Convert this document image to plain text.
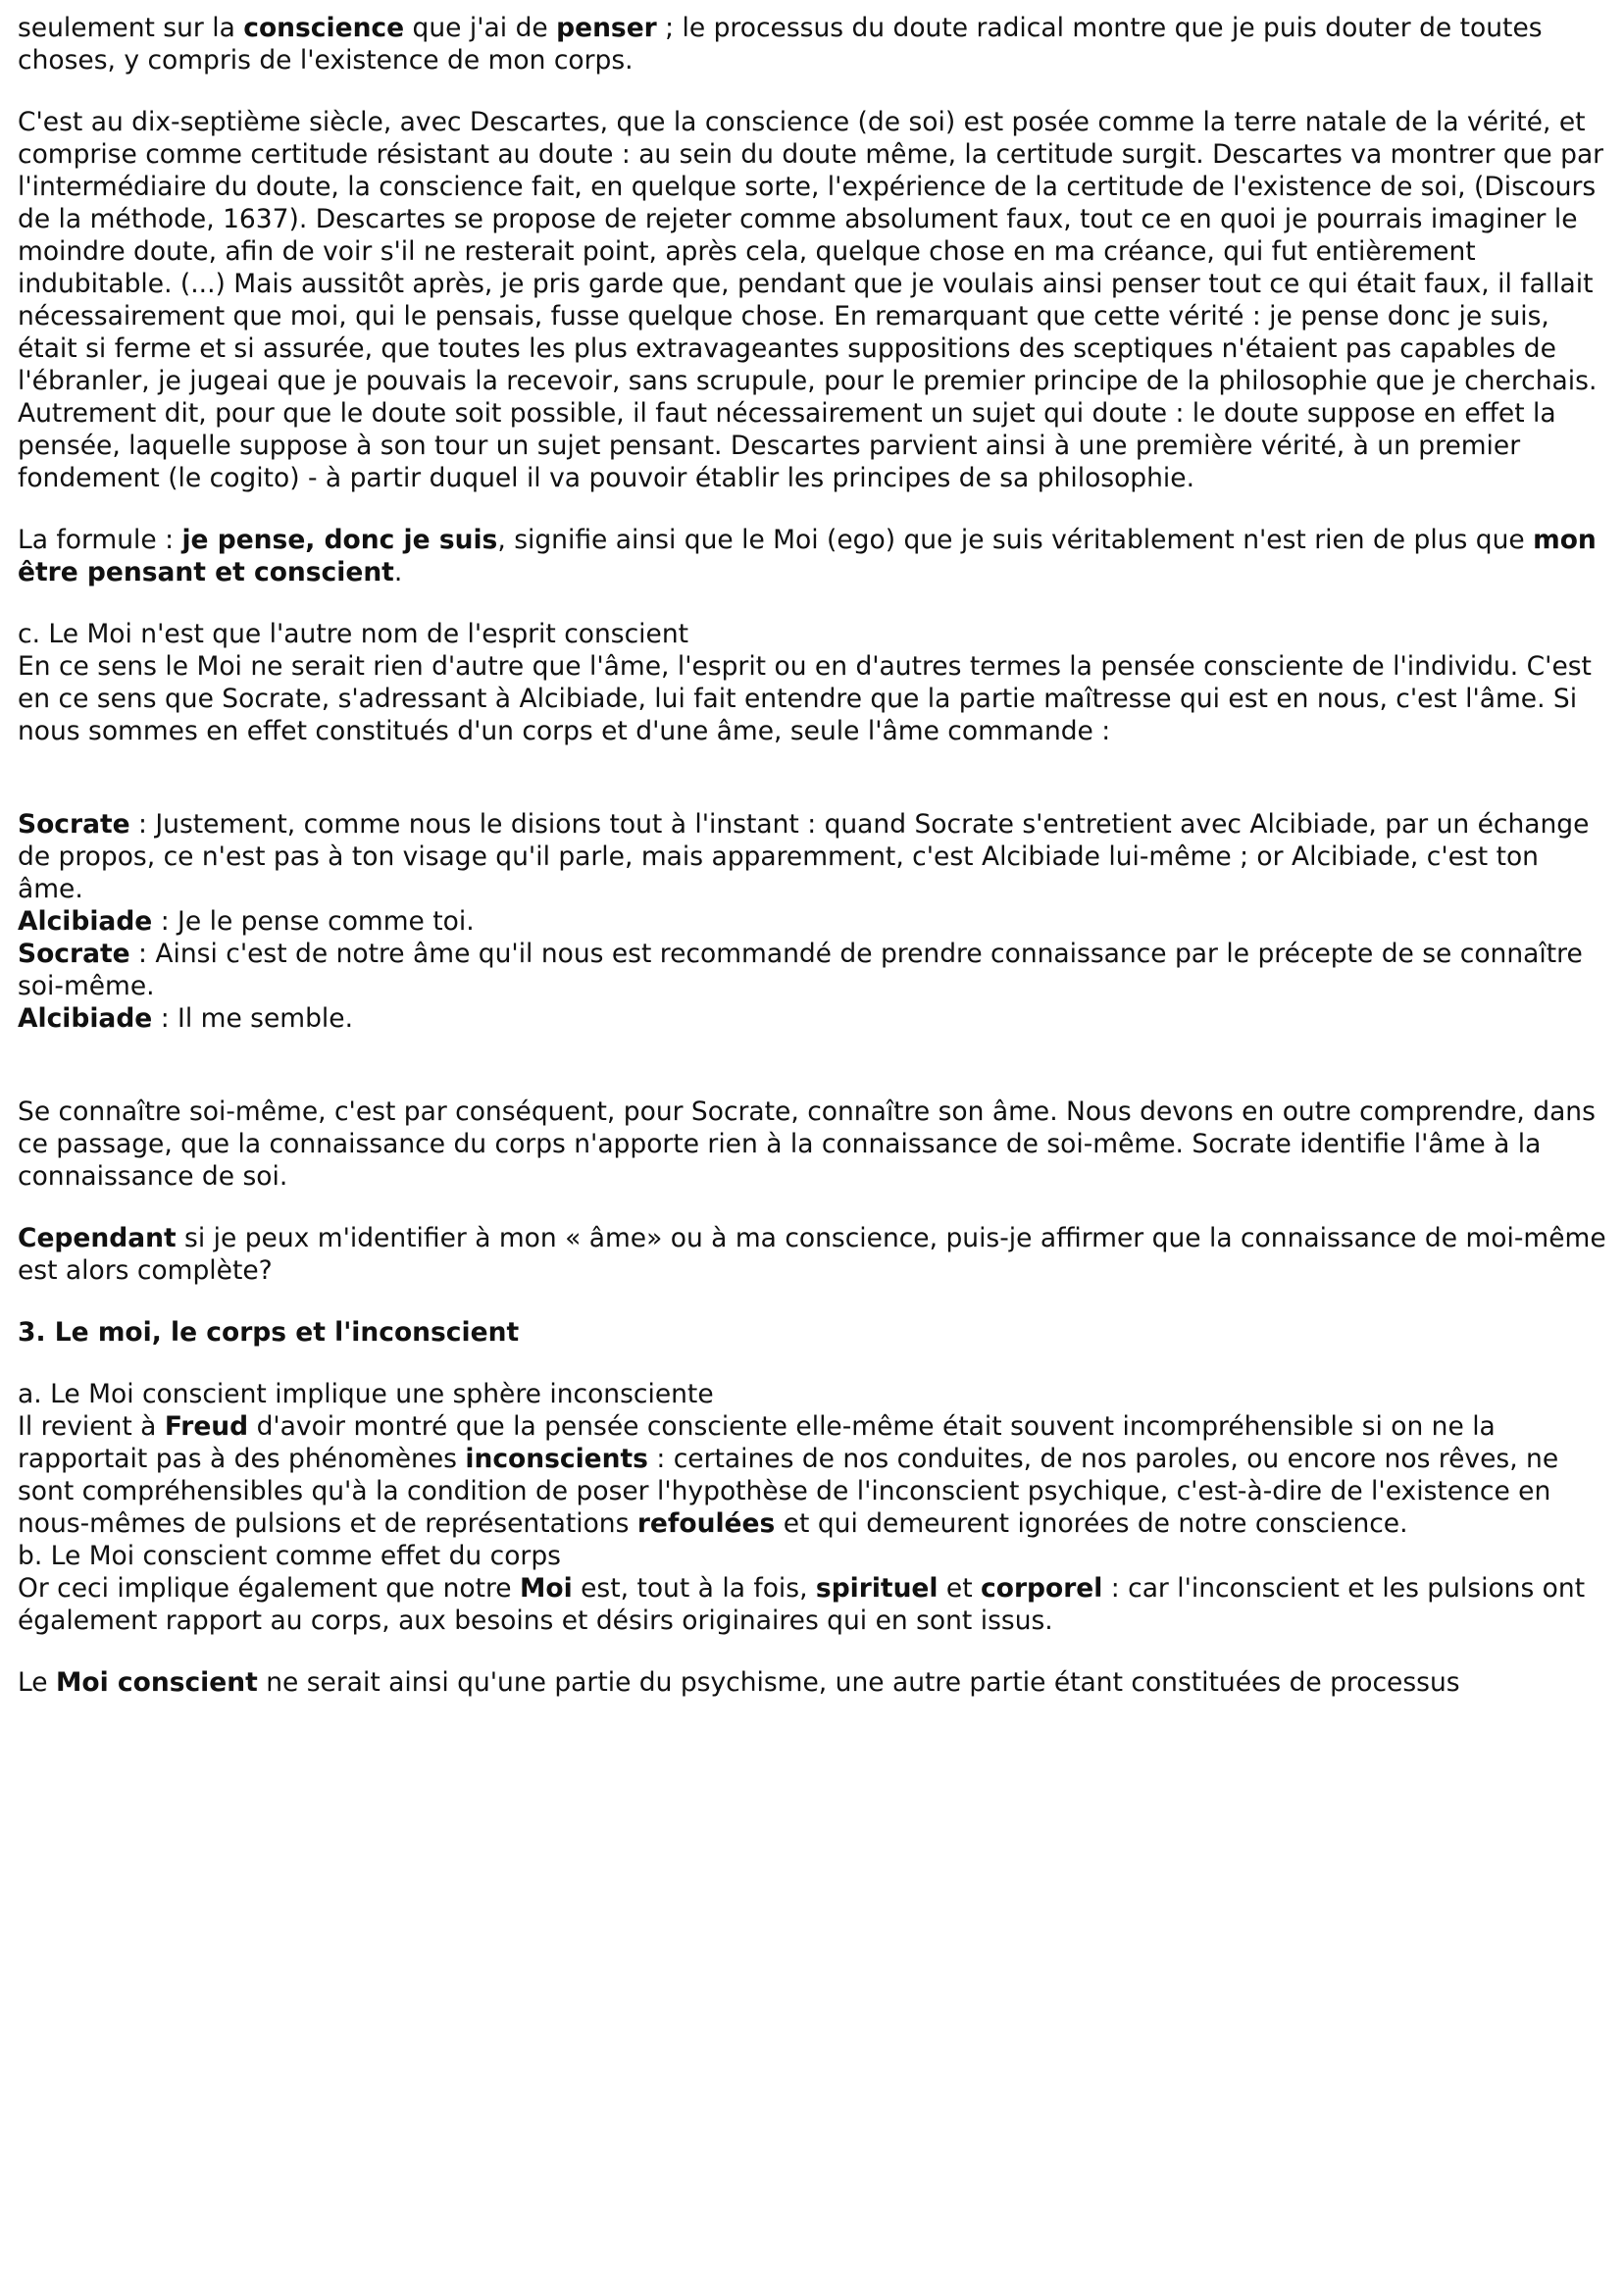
seulement sur la conscience que j'ai de penser ; le processus du doute radical montre que je puis douter de toutes choses, y compris de l'existence de mon corps.

C'est au dix-septième siècle, avec Descartes, que la conscience (de soi) est posée comme la terre natale de la vérité, et comprise comme certitude résistant au doute : au sein du doute même, la certitude surgit. Descartes va montrer que par l'intermédiaire du doute, la conscience fait, en quelque sorte, l'expérience de la certitude de l'existence de soi, (Discours de la méthode, 1637). Descartes se propose de rejeter comme absolument faux, tout ce en quoi je pourrais imaginer le moindre doute, afin de voir s'il ne resterait point, après cela, quelque chose en ma créance, qui fut entièrement indubitable. (...) Mais aussitôt après, je pris garde que, pendant que je voulais ainsi penser tout ce qui était faux, il fallait nécessairement que moi, qui le pensais, fusse quelque chose. En remarquant que cette vérité : je pense donc je suis, était si ferme et si assurée, que toutes les plus extravageantes suppositions des sceptiques n'étaient pas capables de l'ébranler, je jugeai que je pouvais la recevoir, sans scrupule, pour le premier principe de la philosophie que je cherchais. Autrement dit, pour que le doute soit possible, il faut nécessairement un sujet qui doute : le doute suppose en effet la pensée, laquelle suppose à son tour un sujet pensant. Descartes parvient ainsi à une première vérité, à un premier fondement (le cogito) - à partir duquel il va pouvoir établir les principes de sa philosophie.

La formule : je pense, donc je suis, signifie ainsi que le Moi (ego) que je suis véritablement n'est rien de plus que mon être pensant et conscient.

c. Le Moi n'est que l'autre nom de l'esprit conscient
En ce sens le Moi ne serait rien d'autre que l'âme, l'esprit ou en d'autres termes la pensée consciente de l'individu. C'est en ce sens que Socrate, s'adressant à Alcibiade, lui fait entendre que la partie maîtresse qui est en nous, c'est l'âme. Si nous sommes en effet constitués d'un corps et d'une âme, seule l'âme commande :
Socrate : Justement, comme nous le disions tout à l'instant : quand Socrate s'entretient avec Alcibiade, par un échange de propos, ce n'est pas à ton visage qu'il parle, mais apparemment, c'est Alcibiade lui-même ; or Alcibiade, c'est ton âme.
Alcibiade : Je le pense comme toi.
Socrate : Ainsi c'est de notre âme qu'il nous est recommandé de prendre connaissance par le précepte de se connaître soi-même.
Alcibiade : Il me semble.

Se connaître soi-même, c'est par conséquent, pour Socrate, connaître son âme. Nous devons en outre comprendre, dans ce passage, que la connaissance du corps n'apporte rien à la connaissance de soi-même. Socrate identifie l'âme à la connaissance de soi.

Cependant si je peux m'identifier à mon « âme» ou à ma conscience, puis-je affirmer que la connaissance de moi-même est alors complète?

3. Le moi, le corps et l'inconscient

a. Le Moi conscient implique une sphère inconsciente
Il revient à Freud d'avoir montré que la pensée consciente elle-même était souvent incompréhensible si on ne la rapportait pas à des phénomènes inconscients : certaines de nos conduites, de nos paroles, ou encore nos rêves, ne sont compréhensibles qu'à la condition de poser l'hypothèse de l'inconscient psychique, c'est-à-dire de l'existence en nous-mêmes de pulsions et de représentations refoulées et qui demeurent ignorées de notre conscience.
b. Le Moi conscient comme effet du corps
Or ceci implique également que notre Moi est, tout à la fois, spirituel et corporel : car l'inconscient et les pulsions ont également rapport au corps, aux besoins et désirs originaires qui en sont issus.

Le Moi conscient ne serait ainsi qu'une partie du psychisme, une autre partie étant constituées de processus
